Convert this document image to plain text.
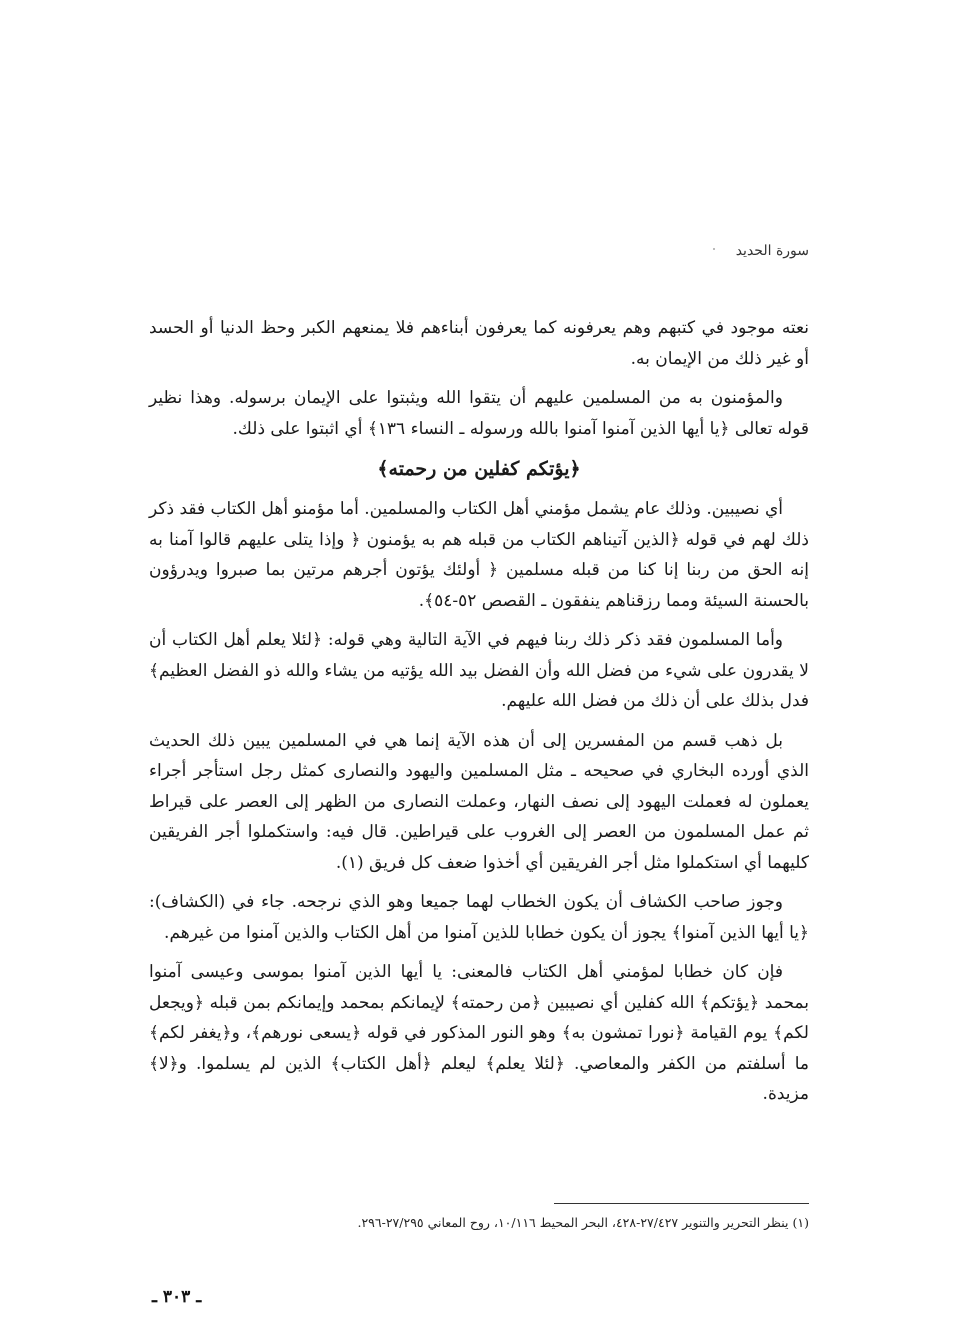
سورة الحديد

نعته موجود في كتبهم وهم يعرفونه كما يعرفون أبناءهم فلا يمنعهم الكبر وحظ الدنيا أو الحسد أو غير ذلك من الإيمان به.

والمؤمنون به من المسلمين عليهم أن يتقوا الله ويثبتوا على الإيمان برسوله. وهذا نظير قوله تعالى ﴿يا أيها الذين آمنوا آمنوا بالله ورسوله ـ النساء ١٣٦﴾ أي اثبتوا على ذلك.

﴿يؤتكم كفلين من رحمته﴾

أي نصيبين. وذلك عام يشمل مؤمني أهل الكتاب والمسلمين. أما مؤمنو أهل الكتاب فقد ذكر ذلك لهم في قوله ﴿الذين آتيناهم الكتاب من قبله هم به يؤمنون ﴿ وإذا يتلى عليهم قالوا آمنا به إنه الحق من ربنا إنا كنا من قبله مسلمين ﴿ أولئك يؤتون أجرهم مرتين بما صبروا ويدرؤون بالحسنة السيئة ومما رزقناهم ينفقون ـ القصص ٥٢-٥٤﴾.

وأما المسلمون فقد ذكر ذلك ربنا فيهم في الآية التالية وهي قوله: ﴿لئلا يعلم أهل الكتاب أن لا يقدرون على شيء من فضل الله وأن الفضل بيد الله يؤتيه من يشاء والله ذو الفضل العظيم﴾ فدل بذلك على أن ذلك من فضل الله عليهم.

بل ذهب قسم من المفسرين إلى أن هذه الآية إنما هي في المسلمين يبين ذلك الحديث الذي أورده البخاري في صحيحه ـ مثل المسلمين واليهود والنصارى كمثل رجل استأجر أجراء يعملون له فعملت اليهود إلى نصف النهار، وعملت النصارى من الظهر إلى العصر على قيراط ثم عمل المسلمون من العصر إلى الغروب على قيراطين. قال فيه: واستكملوا أجر الفريقين كليهما أي استكملوا مثل أجر الفريقين أي أخذوا ضعف كل فريق (١).

وجوز صاحب الكشاف أن يكون الخطاب لهما جميعا وهو الذي نرجحه. جاء في (الكشاف): ﴿يا أيها الذين آمنوا﴾ يجوز أن يكون خطابا للذين آمنوا من أهل الكتاب والذين آمنوا من غيرهم.

فإن كان خطابا لمؤمني أهل الكتاب فالمعنى: يا أيها الذين آمنوا بموسى وعيسى آمنوا بمحمد ﴿يؤتكم﴾ الله كفلين أي نصيبين ﴿من رحمته﴾ لإيمانكم بمحمد وإيمانكم بمن قبله ﴿ويجعل لكم﴾ يوم القيامة ﴿نورا تمشون به﴾ وهو النور المذكور في قوله ﴿يسعى نورهم﴾، و﴿يغفر لكم﴾ ما أسلفتم من الكفر والمعاصي. ﴿لئلا يعلم﴾ ليعلم ﴿أهل الكتاب﴾ الذين لم يسلموا. و﴿لا﴾ مزيدة.

(١) ينظر التحرير والتنوير ٢٧/٤٢٧-٤٢٨، البحر المحيط ١٠/١١٦، روح المعاني ٢٧/٢٩٥-٢٩٦.
ـ ٣٠٣ ـ
